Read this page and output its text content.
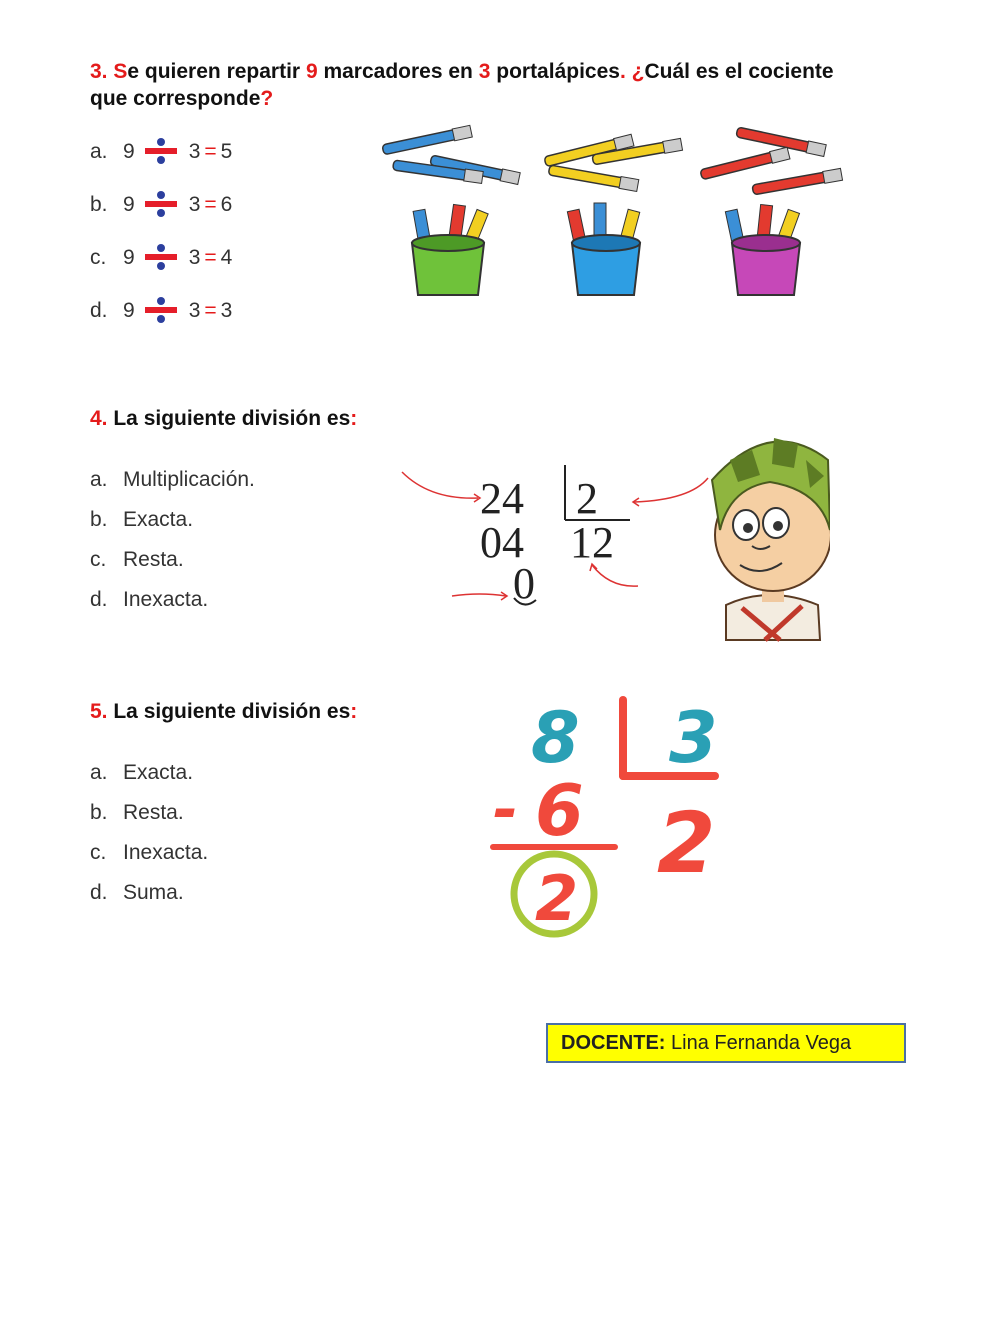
3. Se quieren repartir 9 marcadores en 3 portalápices. ¿Cuál es el cociente
que corresponde?
a. 9	3 = 5
b. 9	3 = 6
c. 9	3 = 4
d. 9	3 = 3
4. La siguiente división es:
a. Multiplicación.
b. Exacta.
c. Resta.
d. Inexacta.
24 2
04 12
0
5. La siguiente división es:
a. Exacta.
b. Resta.
c. Inexacta.
d. Suma.
8 3
- 6 2
2
DOCENTE: Lina Fernanda Vega
